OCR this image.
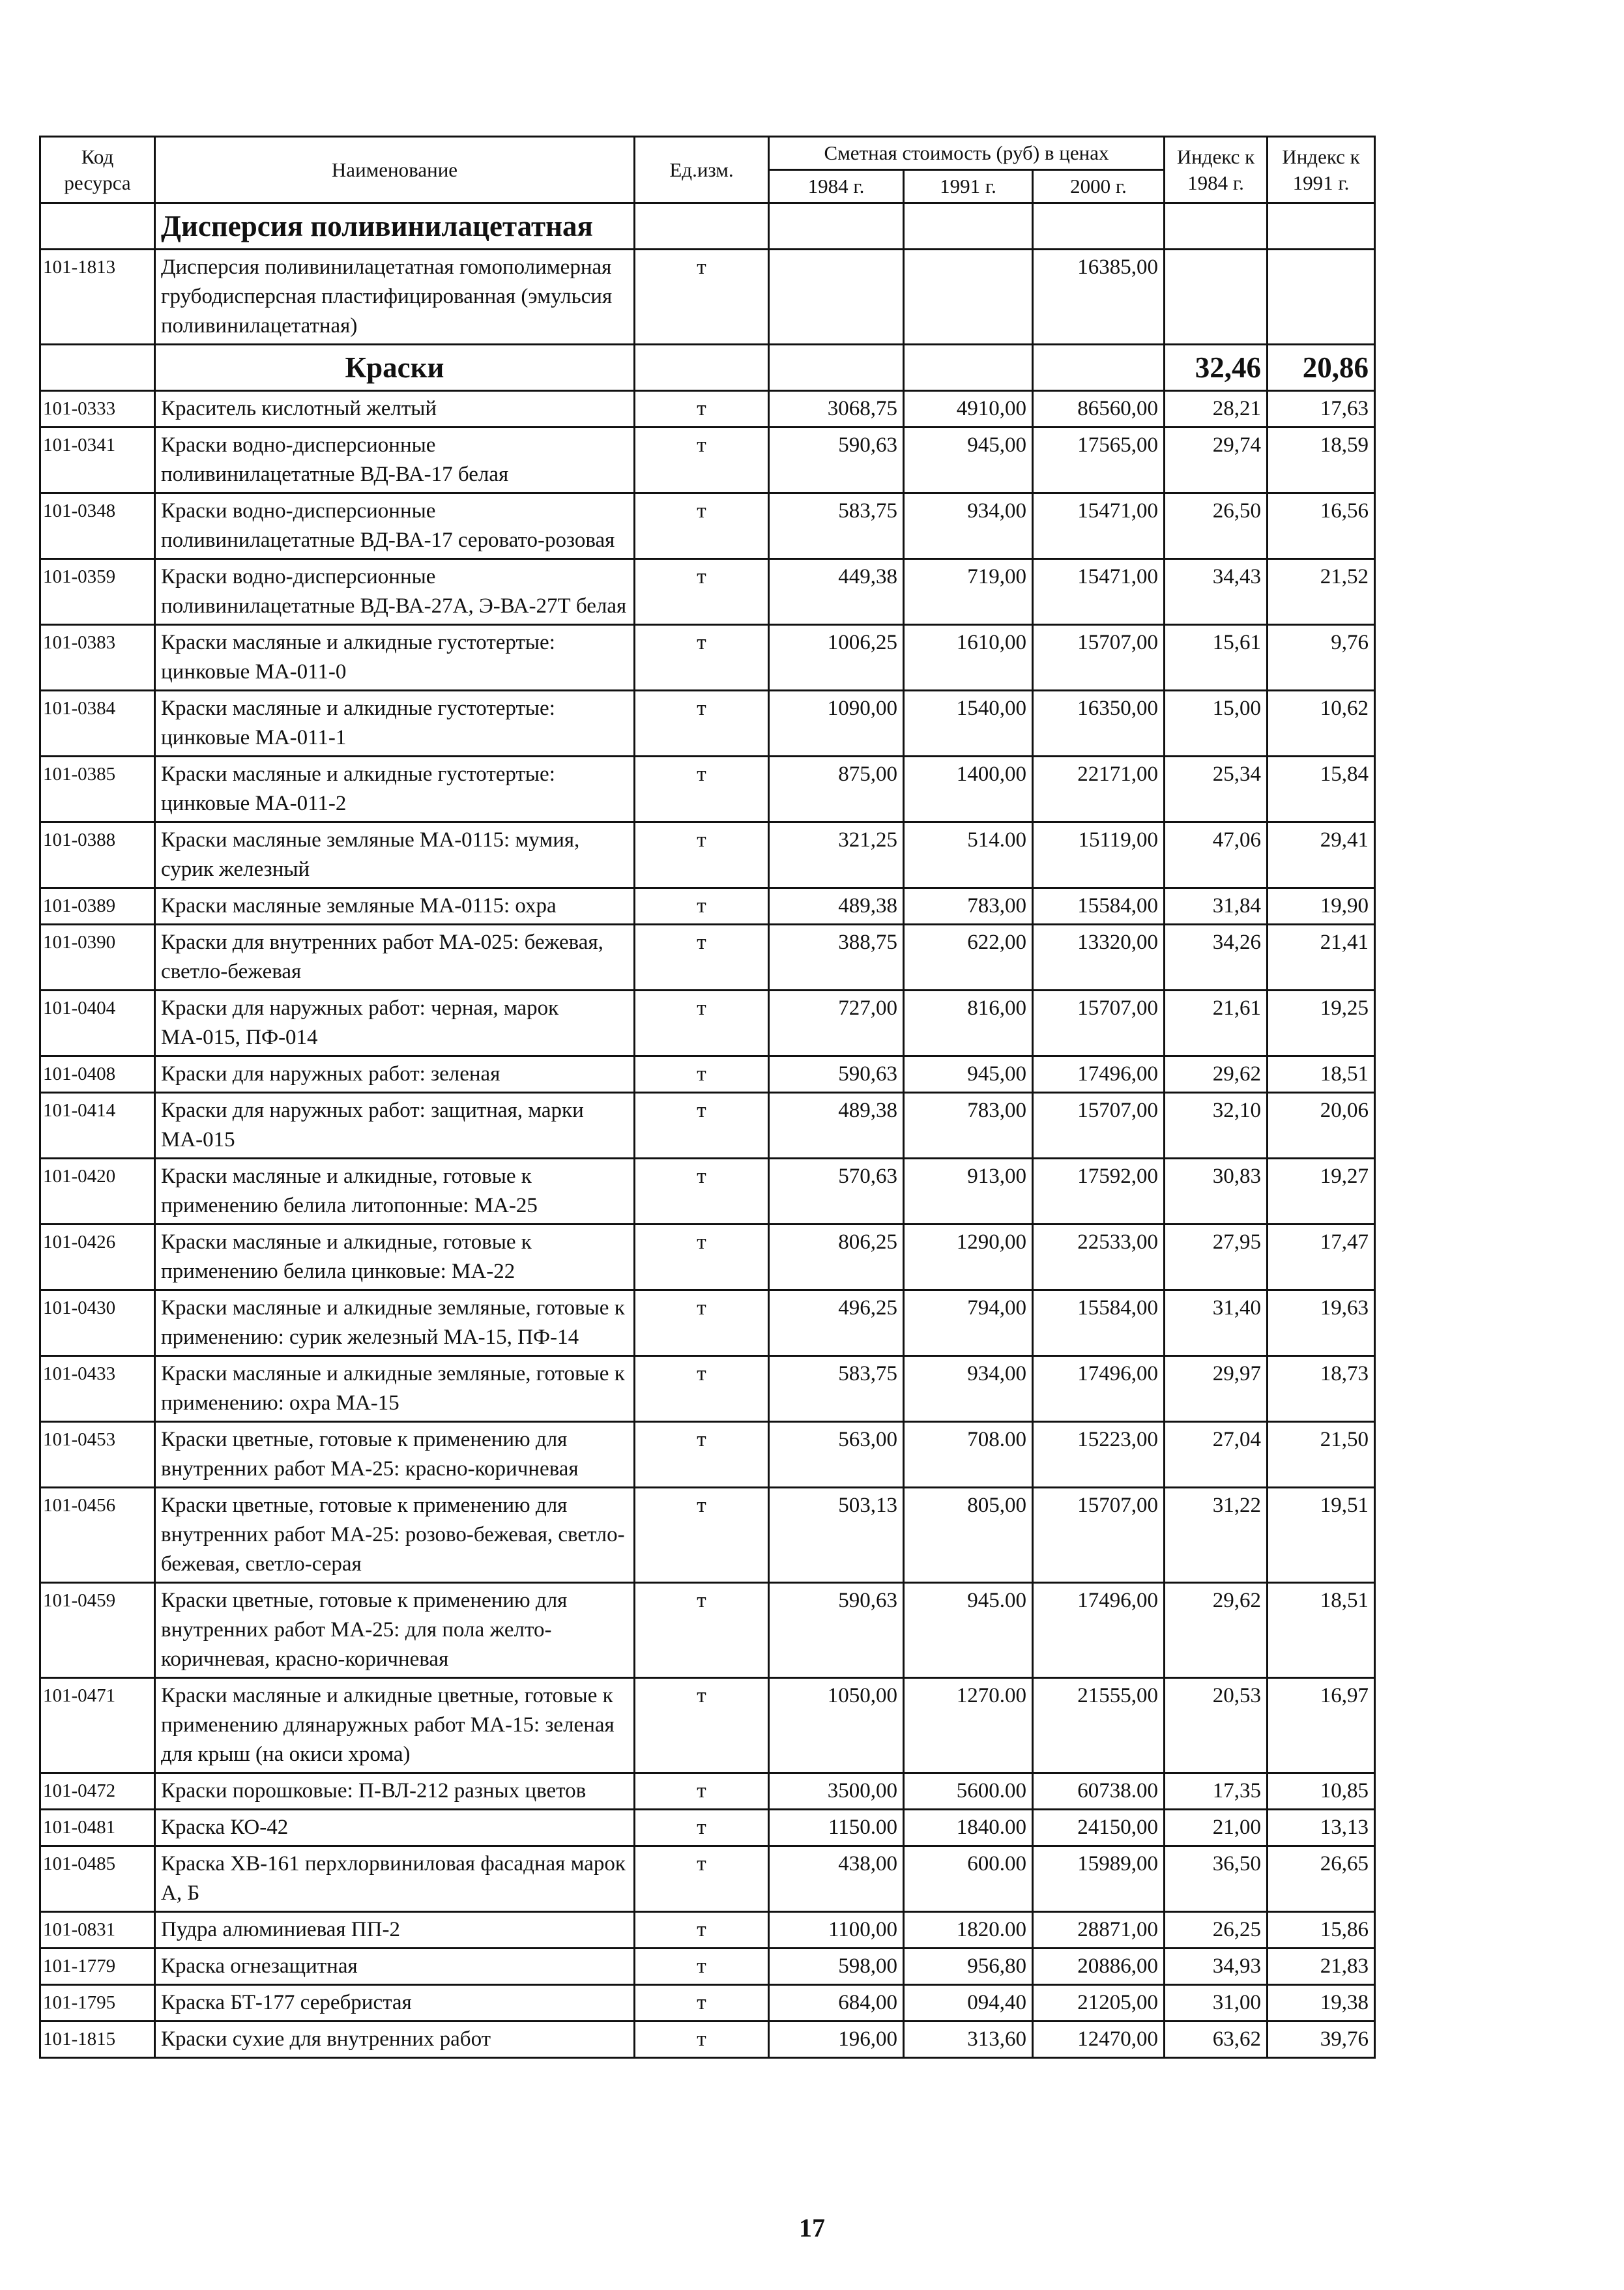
Код ресурса	Наименование	Ед.изм.	Сметная стоимость (руб) в ценах			Индекс к 1984 г.	Индекс к 1991 г.
			1984 г.	1991 г.	2000 г.		
	Дисперсия поливинилацетатная						
101-1813	Дисперсия поливинилацетатная гомополимерная грубодисперсная пластифицированная (эмульсия поливинилацетатная)	т			16385,00		
	Краски					32,46	20,86
101-0333	Краситель кислотный желтый	т	3068,75	4910,00	86560,00	28,21	17,63
101-0341	Краски водно-дисперсионные поливинилацетатные ВД-ВА-17 белая	т	590,63	945,00	17565,00	29,74	18,59
101-0348	Краски водно-дисперсионные поливинилацетатные ВД-ВА-17 серовато-розовая	т	583,75	934,00	15471,00	26,50	16,56
101-0359	Краски водно-дисперсионные поливинилацетатные ВД-ВА-27А, Э-ВА-27Т белая	т	449,38	719,00	15471,00	34,43	21,52
101-0383	Краски масляные и алкидные густотертые: цинковые МА-011-0	т	1006,25	1610,00	15707,00	15,61	9,76
101-0384	Краски масляные и алкидные густотертые: цинковые МА-011-1	т	1090,00	1540,00	16350,00	15,00	10,62
101-0385	Краски масляные и алкидные густотертые: цинковые МА-011-2	т	875,00	1400,00	22171,00	25,34	15,84
101-0388	Краски масляные земляные МА-0115: мумия, сурик железный	т	321,25	514.00	15119,00	47,06	29,41
101-0389	Краски масляные земляные МА-0115: охра	т	489,38	783,00	15584,00	31,84	19,90
101-0390	Краски для внутренних работ МА-025: бежевая, светло-бежевая	т	388,75	622,00	13320,00	34,26	21,41
101-0404	Краски для наружных работ: черная, марок МА-015, ПФ-014	т	727,00	816,00	15707,00	21,61	19,25
101-0408	Краски для наружных работ: зеленая	т	590,63	945,00	17496,00	29,62	18,51
101-0414	Краски для наружных работ: защитная, марки МА-015	т	489,38	783,00	15707,00	32,10	20,06
101-0420	Краски масляные и алкидные, готовые к применению белила литопонные: МА-25	т	570,63	913,00	17592,00	30,83	19,27
101-0426	Краски масляные и алкидные, готовые к применению белила цинковые: МА-22	т	806,25	1290,00	22533,00	27,95	17,47
101-0430	Краски масляные и алкидные земляные, готовые к применению: сурик железный МА-15, ПФ-14	т	496,25	794,00	15584,00	31,40	19,63
101-0433	Краски масляные и алкидные земляные, готовые к применению: охра МА-15	т	583,75	934,00	17496,00	29,97	18,73
101-0453	Краски цветные, готовые к применению для внутренних работ МА-25: красно-коричневая	т	563,00	708.00	15223,00	27,04	21,50
101-0456	Краски цветные, готовые к применению для внутренних работ МА-25: розово-бежевая, светло-бежевая, светло-серая	т	503,13	805,00	15707,00	31,22	19,51
101-0459	Краски цветные, готовые к применению для внутренних работ МА-25: для пола желто-коричневая, красно-коричневая	т	590,63	945.00	17496,00	29,62	18,51
101-0471	Краски масляные и алкидные цветные, готовые к применению длянаружных работ МА-15: зеленая для крыш (на окиси хрома)	т	1050,00	1270.00	21555,00	20,53	16,97
101-0472	Краски порошковые: П-ВЛ-212 разных цветов	т	3500,00	5600.00	60738.00	17,35	10,85
101-0481	Краска КО-42	т	1150.00	1840.00	24150,00	21,00	13,13
101-0485	Краска ХВ-161 перхлорвиниловая фасадная марок А, Б	т	438,00	600.00	15989,00	36,50	26,65
101-0831	Пудра алюминиевая ПП-2	т	1100,00	1820.00	28871,00	26,25	15,86
101-1779	Краска огнезащитная	т	598,00	956,80	20886,00	34,93	21,83
101-1795	Краска БТ-177 серебристая	т	684,00	094,40	21205,00	31,00	19,38
101-1815	Краски сухие для внутренних работ	т	196,00	313,60	12470,00	63,62	39,76
17
